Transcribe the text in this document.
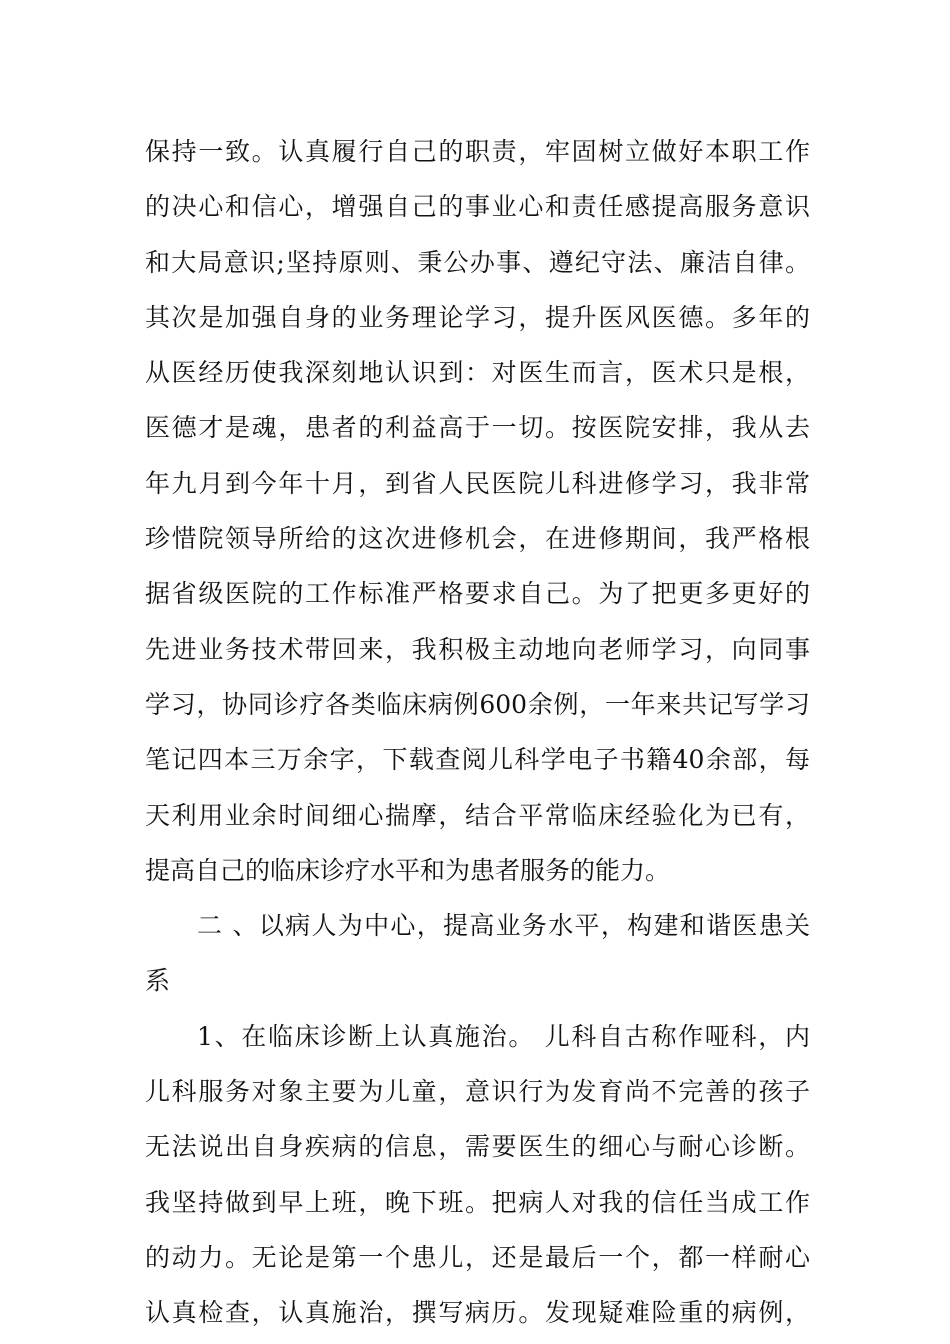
保持一致。认真履行自己的职责，牢固树立做好本职工作
的决心和信心，增强自己的事业心和责任感提高服务意识
和大局意识;坚持原则、秉公办事、遵纪守法、廉洁自律。
其次是加强自身的业务理论学习，提升医风医德。多年的
从医经历使我深刻地认识到：对医生而言，医术只是根，
医德才是魂，患者的利益高于一切。按医院安排，我从去
年九月到今年十月，到省人民医院儿科进修学习，我非常
珍惜院领导所给的这次进修机会，在进修期间，我严格根
据省级医院的工作标准严格要求自己。为了把更多更好的
先进业务技术带回来，我积极主动地向老师学习，向同事
学习，协同诊疗各类临床病例600余例，一年来共记写学习
笔记四本三万余字，下载查阅儿科学电子书籍40余部，每
天利用业余时间细心揣摩，结合平常临床经验化为已有，
提高自己的临床诊疗水平和为患者服务的能力。
二 、以病人为中心，提高业务水平，构建和谐医患关
系
1、在临床诊断上认真施治。 儿科自古称作哑科，内
儿科服务对象主要为儿童，意识行为发育尚不完善的孩子
无法说出自身疾病的信息，需要医生的细心与耐心诊断。
我坚持做到早上班，晚下班。把病人对我的信任当成工作
的动力。无论是第一个患儿，还是最后一个，都一样耐心
认真检查，认真施治，撰写病历。发现疑难险重的病例，
